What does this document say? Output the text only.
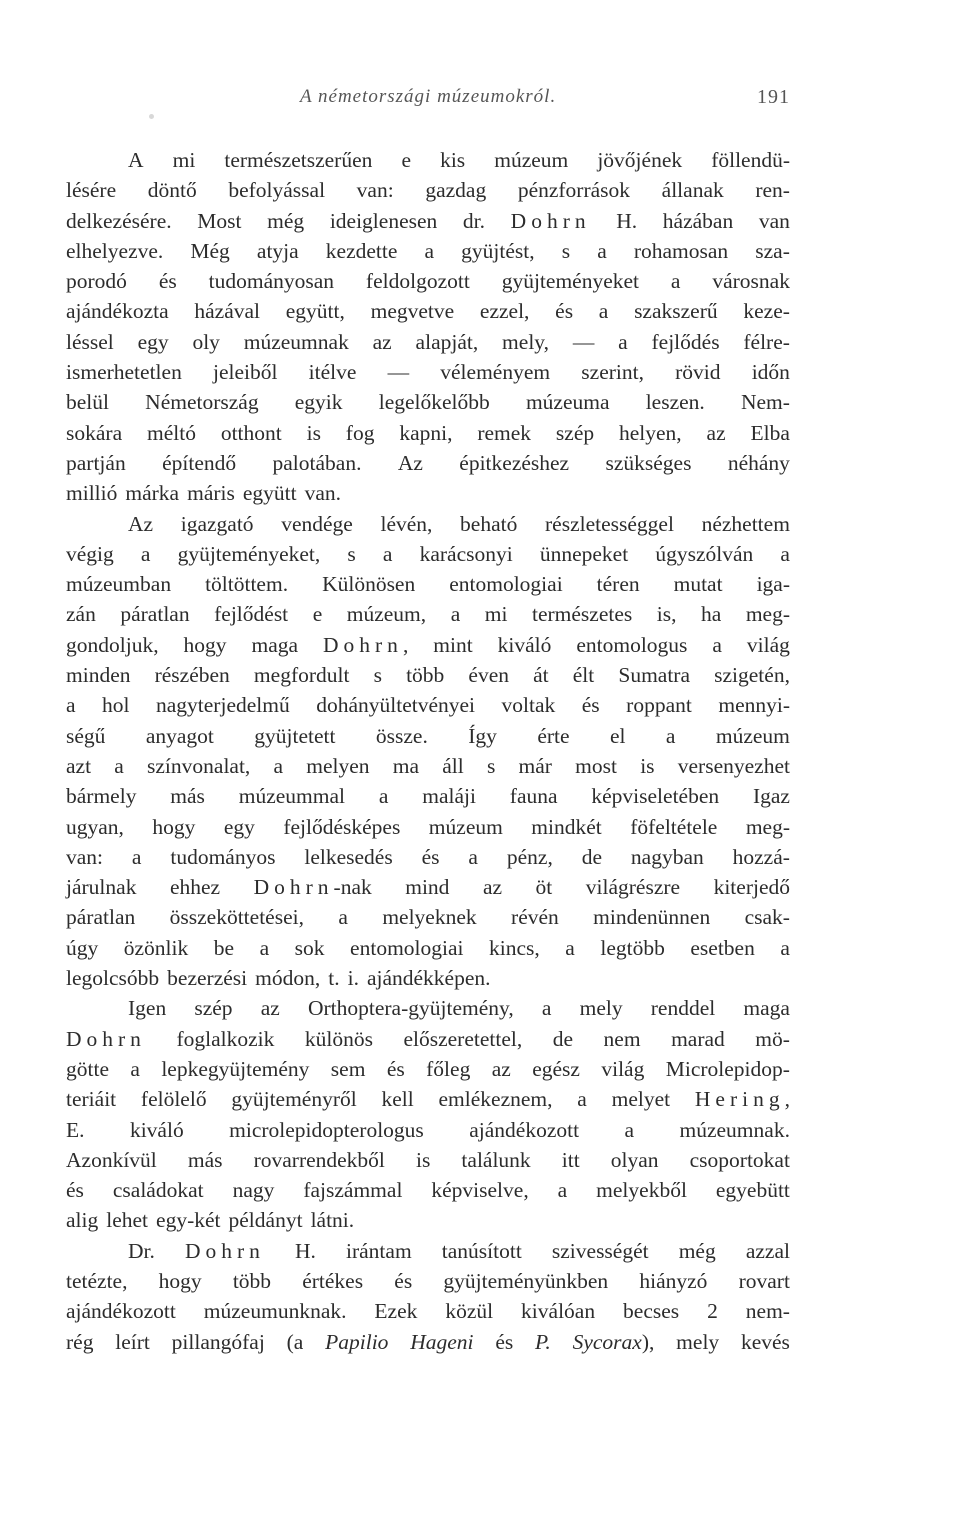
A németországi múzeumokról.	191
A mi természetszerűen e kis múzeum jövőjének föllendü-
lésére döntő befolyással van: gazdag pénzforrások állanak ren-
delkezésére. Most még ideiglenesen dr. Dohrn H. házában van
elhelyezve. Még atyja kezdette a gyüjtést, s a rohamosan sza-
porodó és tudományosan feldolgozott gyüjteményeket a városnak
ajándékozta házával együtt, megvetve ezzel, és a szakszerű keze-
léssel egy oly múzeumnak az alapját, mely, — a fejlődés félre-
ismerhetetlen jeleiből itélve — véleményem szerint, rövid időn
belül Németország egyik legelőkelőbb múzeuma leszen. Nem-
sokára méltó otthont is fog kapni, remek szép helyen, az Elba
partján építendő palotában. Az épitkezéshez szükséges néhány
millió márka máris együtt van.
Az igazgató vendége lévén, beható részletességgel nézhettem
végig a gyüjteményeket, s a karácsonyi ünnepeket úgyszólván a
múzeumban töltöttem. Különösen entomologiai téren mutat iga-
zán páratlan fejlődést e múzeum, a mi természetes is, ha meg-
gondoljuk, hogy maga Dohrn, mint kiváló entomologus a világ
minden részében megfordult s több éven át élt Sumatra szigetén,
a hol nagyterjedelmű dohányültetvényei voltak és roppant mennyi-
ségű anyagot gyüjtetett össze. Így érte el a múzeum
azt a színvonalat, a melyen ma áll s már most is versenyezhet
bármely más múzeummal a maláji fauna képviseletében Igaz
ugyan, hogy egy fejlődésképes múzeum mindkét föfeltétele meg-
van: a tudományos lelkesedés és a pénz, de nagyban hozzá-
járulnak ehhez Dohrn-nak mind az öt világrészre kiterjedő
páratlan összeköttetései, a melyeknek révén mindenünnen csak-
úgy özönlik be a sok entomologiai kincs, a legtöbb esetben a
legolcsóbb bezerzési módon, t. i. ajándékképen.
Igen szép az Orthoptera-gyüjtemény, a mely renddel maga
Dohrn foglalkozik különös előszeretettel, de nem marad mö-
götte a lepkegyüjtemény sem és főleg az egész világ Microlepidop-
teriáit felölelő gyüjteményről kell emlékeznem, a melyet Hering,
E. kiváló microlepidopterologus ajándékozott a múzeumnak.
Azonkívül más rovarrendekből is találunk itt olyan csoportokat
és családokat nagy fajszámmal képviselve, a melyekből egyebütt
alig lehet egy-két példányt látni.
Dr. Dohrn H. irántam tanúsított szivességét még azzal
tetézte, hogy több értékes és gyüjteményünkben hiányzó rovart
ajándékozott múzeumunknak. Ezek közül kiválóan becses 2 nem-
rég leírt pillangófaj (a Papilio Hageni és P. Sycorax), mely kevés
